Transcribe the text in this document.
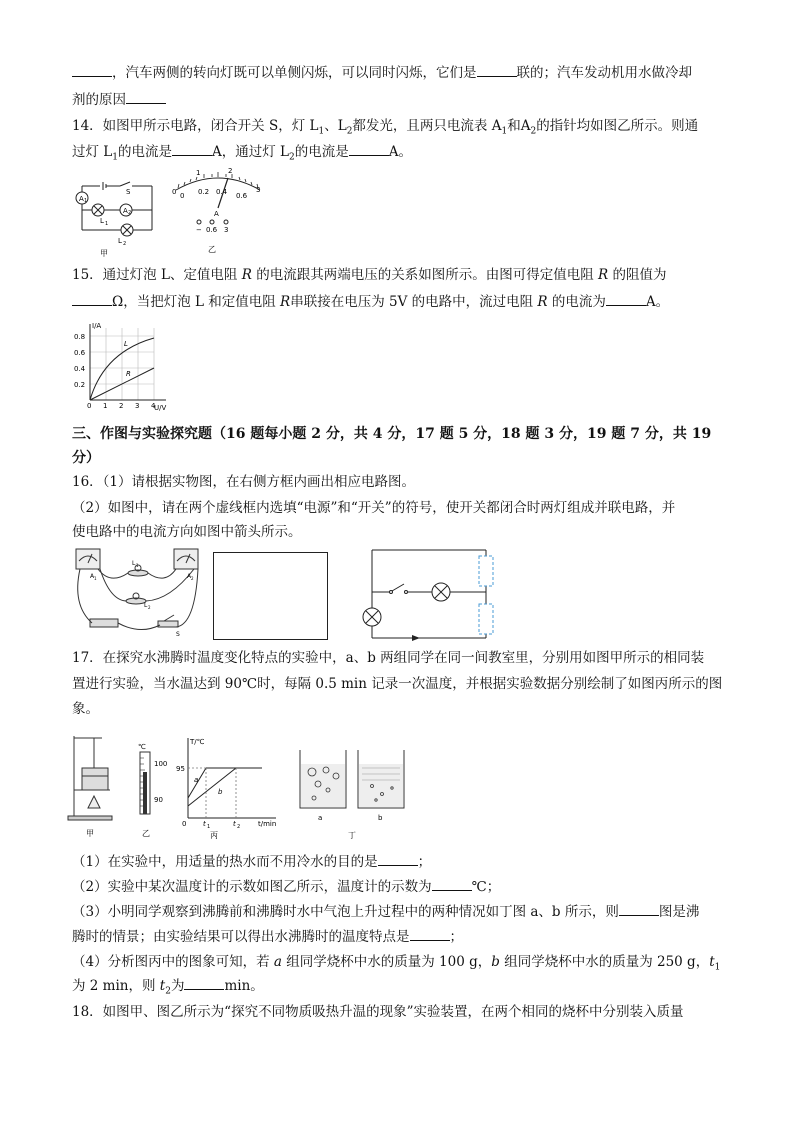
，汽车两侧的转向灯既可以单侧闪烁，可以同时闪烁，它们是	联的；汽车发动机用水做冷却
剂的原因
14．如图甲所示电路，闭合开关 S，灯 $L_1$、$L_2$都发光，且两只电流表 $A_1$和$A_2$的指针均如图乙所示。则通
过灯 $L_1$的电流是	A，通过灯 $L_2$的电流是	A。
A 1
A 2
S
L 1
L 2
甲
0
1	2
3
0 0.2 0.4 0.6
A
− 0.6 3
乙
15．通过灯泡 L、定值电阻 R 的电流跟其两端电压的关系如图所示。由图可得定值电阻 R 的阻值为
Ω，当把灯泡 L 和定值电阻 R串联接在电压为 5V 的电路中，流过电阻 R 的电流为	A。
I/A
U/V
L
R
0.8
0.6
0.4
0.2
0 1 2 3 4
三、作图与实验探究题（16 题每小题 2 分，共 4 分，17 题 5 分，18 题 3 分，19 题 7 分，共 19
分）
16．（1）请根据实物图，在右侧方框内画出相应电路图。
（2）如图中，请在两个虚线框内选填“电源”和“开关”的符号，使开关都闭合时两灯组成并联电路，并
使电路中的电流方向如图中箭头所示。
L 1
L 2
A 1	A 2
S
17．在探究水沸腾时温度变化特点的实验中，a、b 两组同学在同一间教室里，分别用如图甲所示的相同装
置进行实验，当水温达到 90℃时，每隔 0.5 min 记录一次温度，并根据实验数据分别绘制了如图丙所示的图
象。
甲
℃
100
90
乙
T/℃
95
a
b
0 t 1	t 2	t/min
丙
a	b
丁
（1）在实验中，用适量的热水而不用冷水的目的是	；
（2）实验中某次温度计的示数如图乙所示，温度计的示数为	℃；
（3）小明同学观察到沸腾前和沸腾时水中气泡上升过程中的两种情况如丁图 a、b 所示，则	图是沸
腾时的情景；由实验结果可以得出水沸腾时的温度特点是	；
（4）分析图丙中的图象可知，若 a 组同学烧杯中水的质量为 100 g，b 组同学烧杯中水的质量为 250 g，$t_1$
为 2 min，则 $t_2$为	min。
18．如图甲、图乙所示为“探究不同物质吸热升温的现象”实验装置，在两个相同的烧杯中分别装入质量
